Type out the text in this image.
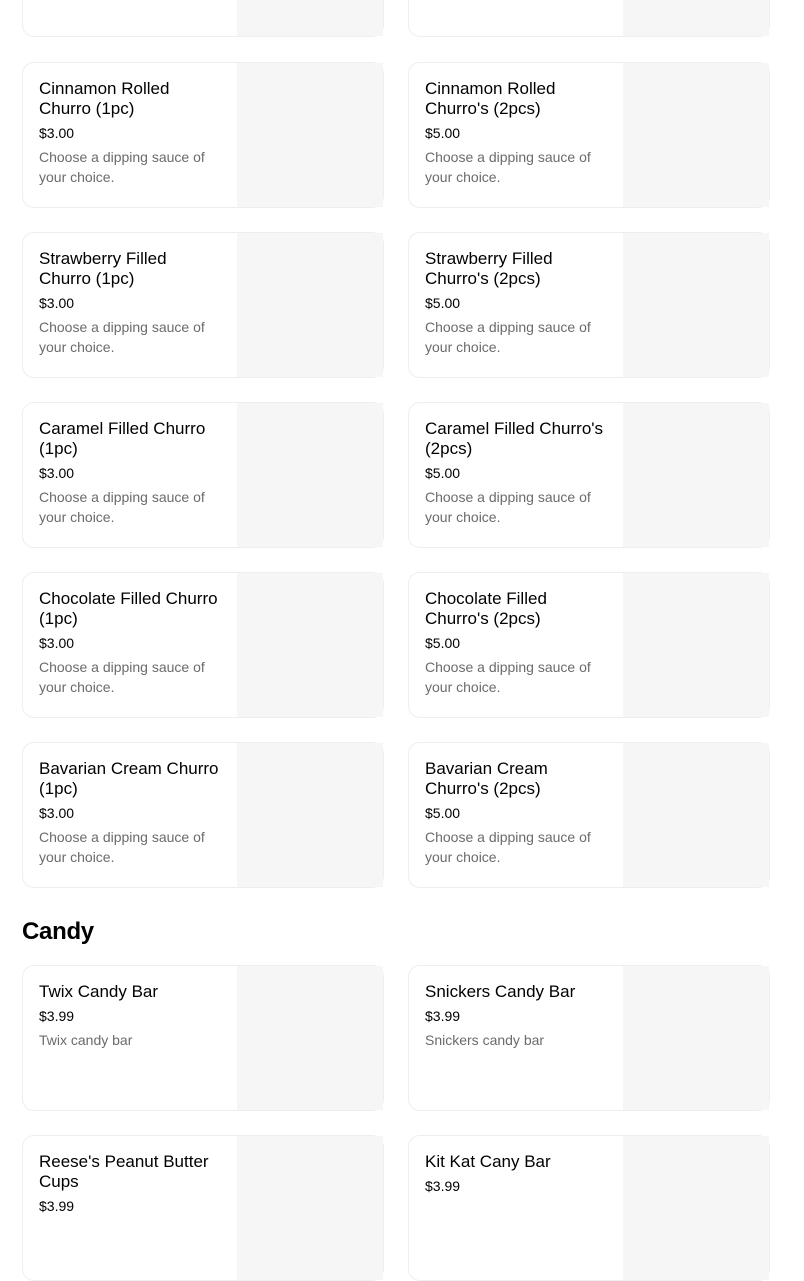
Cinnamon Rolled Churro (1pc)
$3.00
Choose a dipping sauce of your choice.
Cinnamon Rolled Churro's (2pcs)
$5.00
Choose a dipping sauce of your choice.
Strawberry Filled Churro (1pc)
$3.00
Choose a dipping sauce of your choice.
Strawberry Filled Churro's (2pcs)
$5.00
Choose a dipping sauce of your choice.
Caramel Filled Churro (1pc)
$3.00
Choose a dipping sauce of your choice.
Caramel Filled Churro's (2pcs)
$5.00
Choose a dipping sauce of your choice.
Chocolate Filled Churro (1pc)
$3.00
Choose a dipping sauce of your choice.
Chocolate Filled Churro's (2pcs)
$5.00
Choose a dipping sauce of your choice.
Bavarian Cream Churro (1pc)
$3.00
Choose a dipping sauce of your choice.
Bavarian Cream Churro's (2pcs)
$5.00
Choose a dipping sauce of your choice.
Candy
Twix Candy Bar
$3.99
Twix candy bar
Snickers Candy Bar
$3.99
Snickers candy bar
Reese's Peanut Butter Cups
$3.99
Kit Kat Cany Bar
$3.99
